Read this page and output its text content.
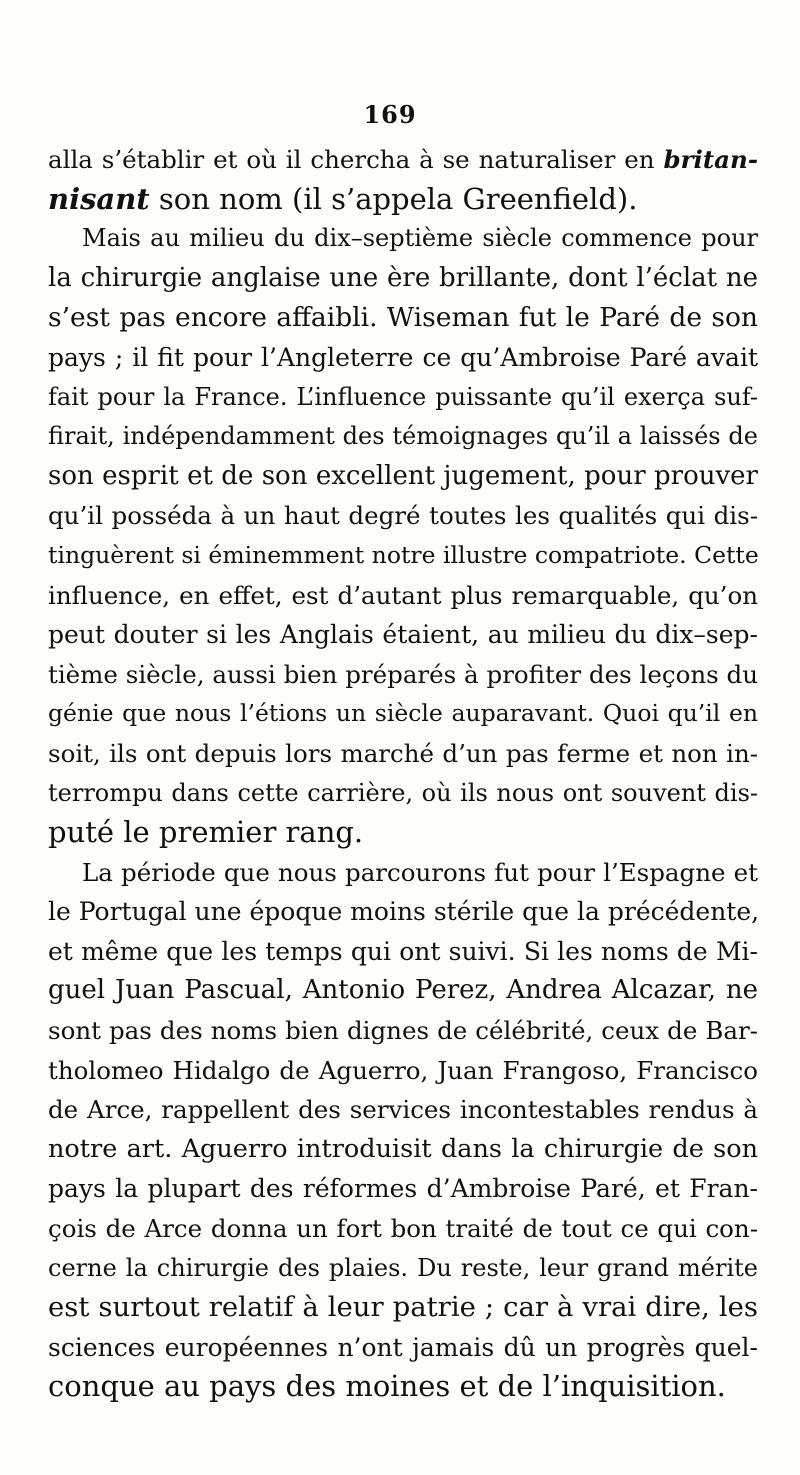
169
alla s’établir et où il chercha à se naturaliser en britan-
nisant son nom (il s’appela Greenfield).
Mais au milieu du dix–septième siècle commence pour
la chirurgie anglaise une ère brillante, dont l’éclat ne
s’est pas encore affaibli. Wiseman fut le Paré de son
pays ; il fit pour l’Angleterre ce qu’Ambroise Paré avait
fait pour la France. L’influence puissante qu’il exerça suf-
firait, indépendamment des témoignages qu’il a laissés de
son esprit et de son excellent jugement, pour prouver
qu’il posséda à un haut degré toutes les qualités qui dis-
tinguèrent si éminemment notre illustre compatriote. Cette
influence, en effet, est d’autant plus remarquable, qu’on
peut douter si les Anglais étaient, au milieu du dix–sep-
tième siècle, aussi bien préparés à profiter des leçons du
génie que nous l’étions un siècle auparavant. Quoi qu’il en
soit, ils ont depuis lors marché d’un pas ferme et non in-
terrompu dans cette carrière, où ils nous ont souvent dis-
puté le premier rang.
La période que nous parcourons fut pour l’Espagne et
le Portugal une époque moins stérile que la précédente,
et même que les temps qui ont suivi. Si les noms de Mi-
guel Juan Pascual, Antonio Perez, Andrea Alcazar, ne
sont pas des noms bien dignes de célébrité, ceux de Bar-
tholomeo Hidalgo de Aguerro, Juan Frangoso, Francisco
de Arce, rappellent des services incontestables rendus à
notre art. Aguerro introduisit dans la chirurgie de son
pays la plupart des réformes d’Ambroise Paré, et Fran-
çois de Arce donna un fort bon traité de tout ce qui con-
cerne la chirurgie des plaies. Du reste, leur grand mérite
est surtout relatif à leur patrie ; car à vrai dire, les
sciences européennes n’ont jamais dû un progrès quel-
conque au pays des moines et de l’inquisition.
